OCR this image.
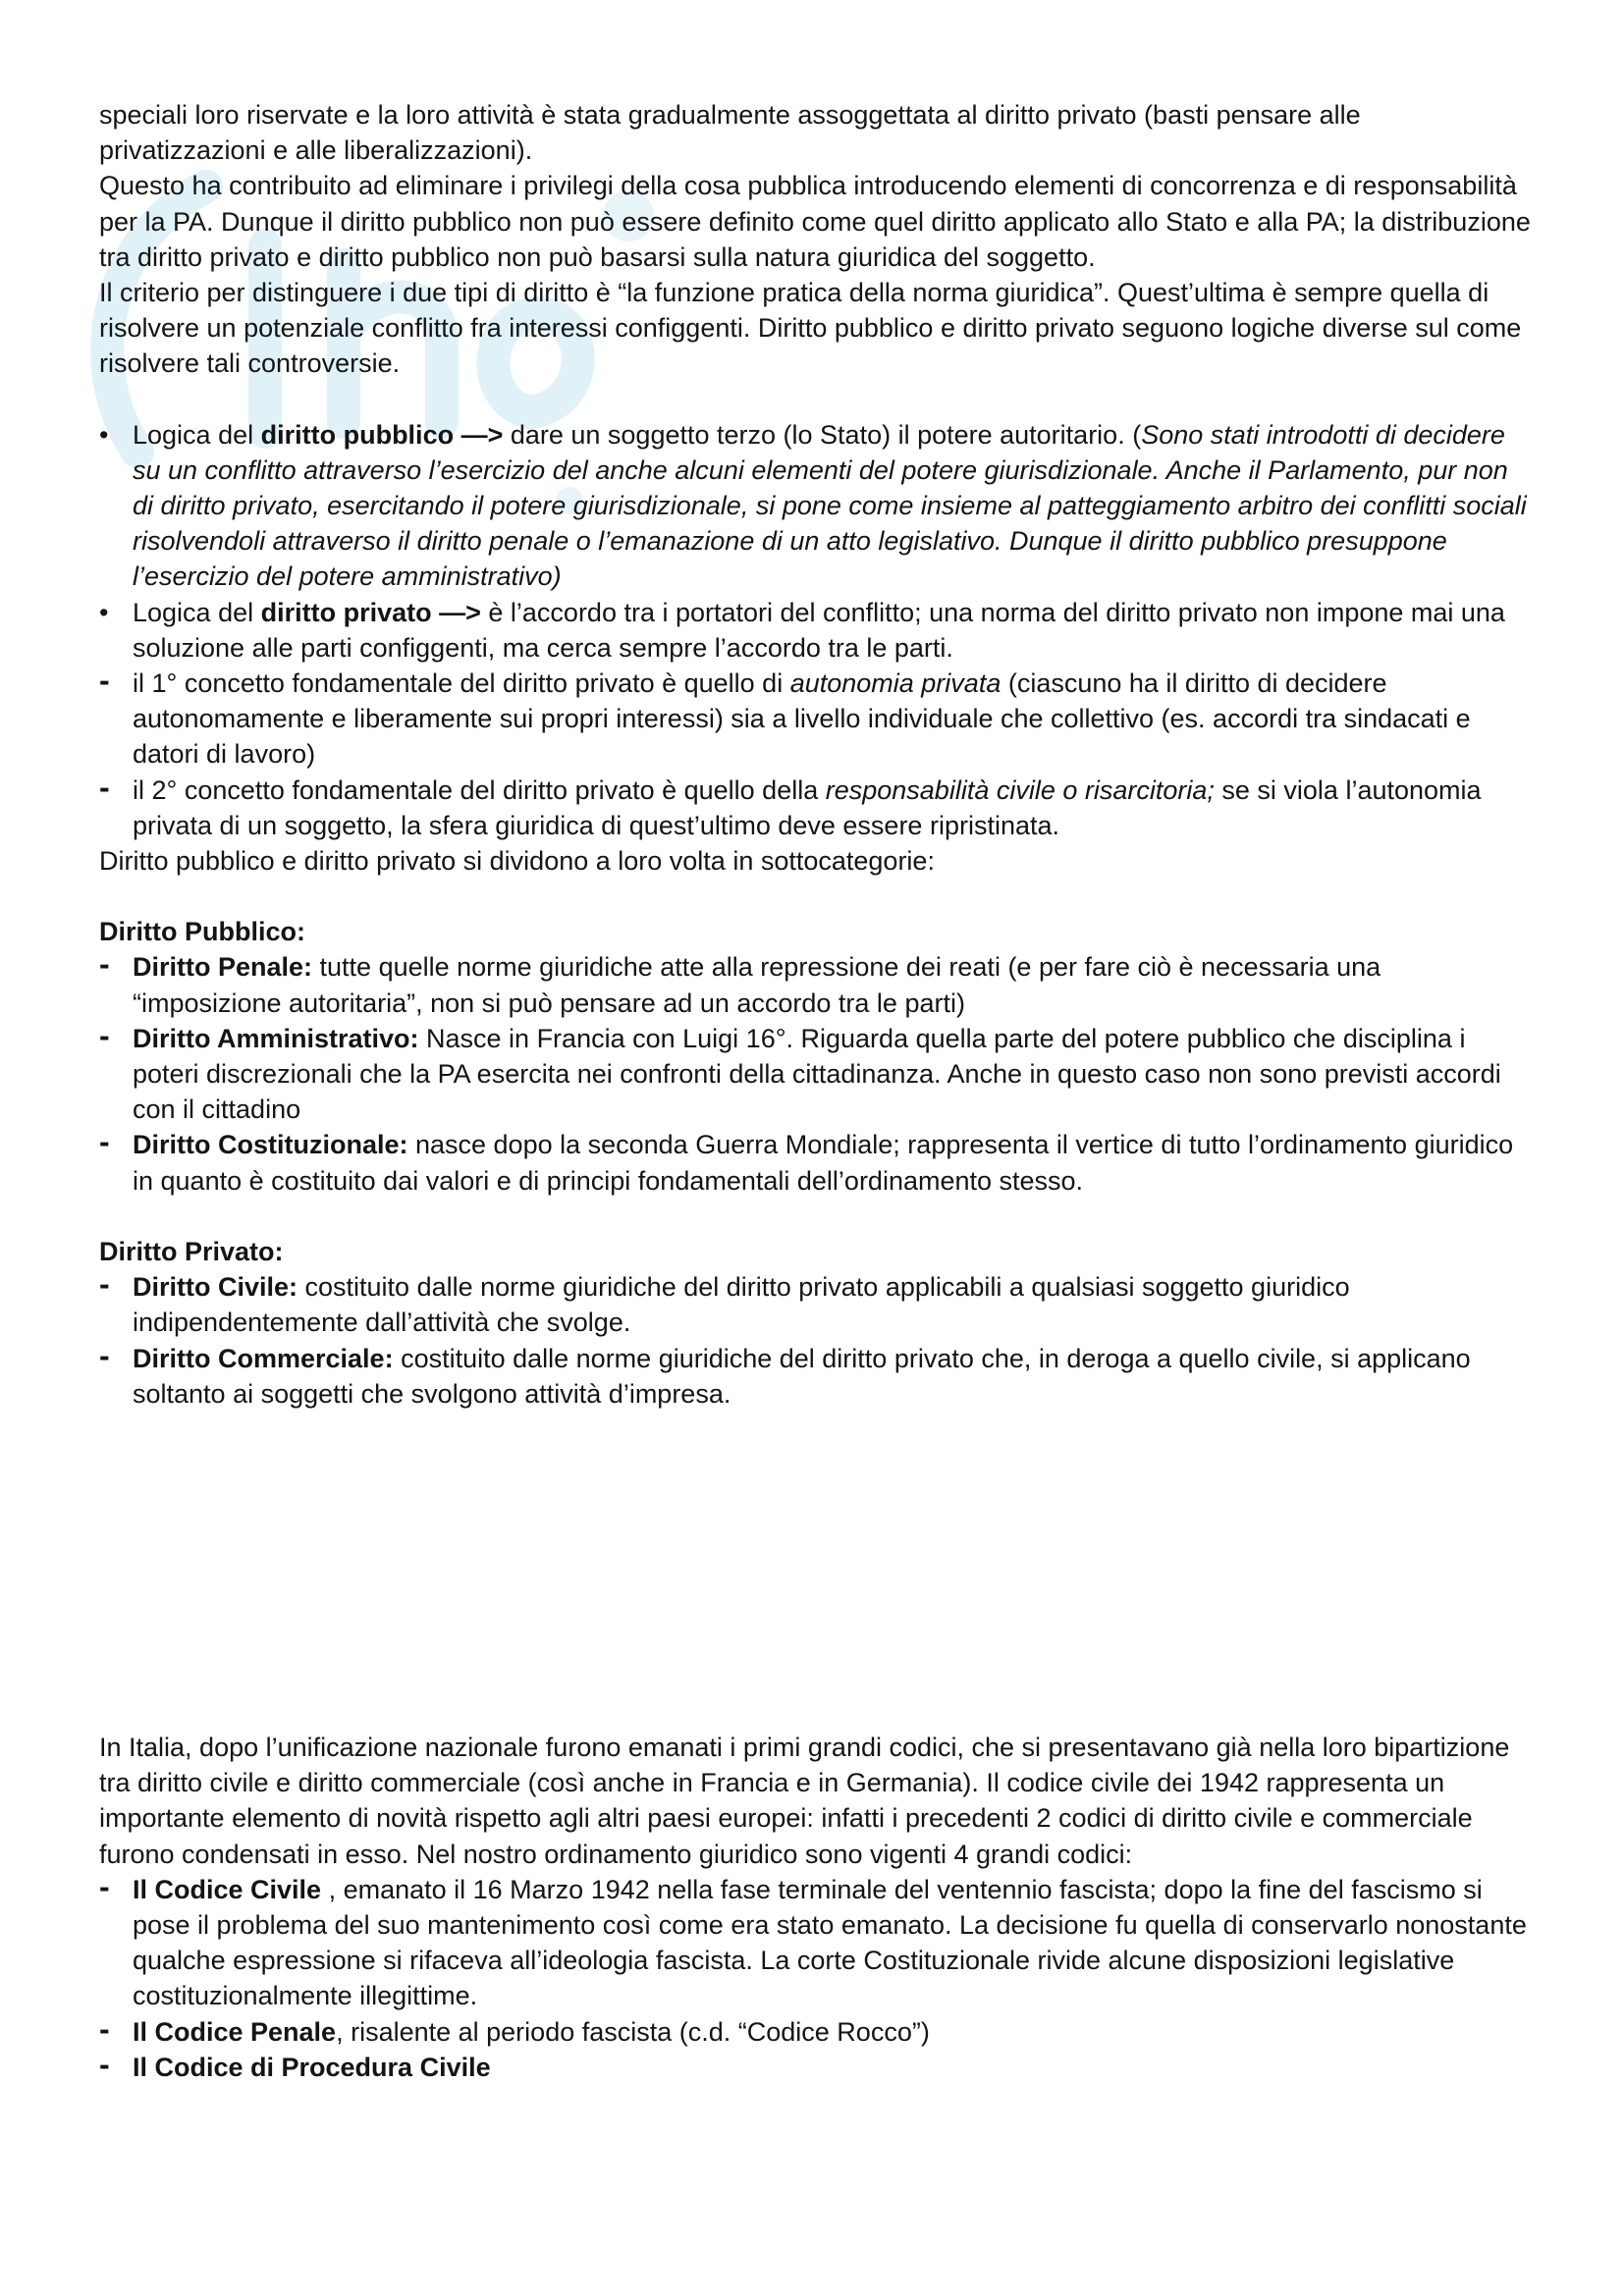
speciali loro riservate e la loro attività è stata gradualmente assoggettata al diritto privato (basti pensare alle privatizzazioni e alle liberalizzazioni).

Questo ha contribuito ad eliminare i privilegi della cosa pubblica introducendo elementi di concorrenza e di responsabilità per la PA. Dunque il diritto pubblico non può essere definito come quel diritto applicato allo Stato e alla PA; la distribuzione tra diritto privato e diritto pubblico non può basarsi sulla natura giuridica del soggetto.

Il criterio per distinguere i due tipi di diritto è “la funzione pratica della norma giuridica”. Quest’ultima è sempre quella di risolvere un potenziale conflitto fra interessi configgenti. Diritto pubblico e diritto privato seguono logiche diverse sul come risolvere tali controversie.

• Logica del diritto pubblico —> dare un soggetto terzo (lo Stato) il potere autoritario. (Sono stati introdotti di decidere su un conflitto attraverso l’esercizio del anche alcuni elementi del potere giurisdizionale. Anche il Parlamento, pur non di diritto privato, esercitando il potere giurisdizionale, si pone come insieme al patteggiamento arbitro dei conflitti sociali risolvendoli attraverso il diritto penale o l’emanazione di un atto legislativo. Dunque il diritto pubblico presuppone l’esercizio del potere amministrativo)
• Logica del diritto privato —> è l’accordo tra i portatori del conflitto; una norma del diritto privato non impone mai una soluzione alle parti configgenti, ma cerca sempre l’accordo tra le parti.
- il 1° concetto fondamentale del diritto privato è quello di autonomia privata (ciascuno ha il diritto di decidere autonomamente e liberamente sui propri interessi) sia a livello individuale che collettivo (es. accordi tra sindacati e datori di lavoro)
- il 2° concetto fondamentale del diritto privato è quello della responsabilità civile o risarcitoria; se si viola l’autonomia privata di un soggetto, la sfera giuridica di quest’ultimo deve essere ripristinata.

Diritto pubblico e diritto privato si dividono a loro volta in sottocategorie:

Diritto Pubblico:

- Diritto Penale: tutte quelle norme giuridiche atte alla repressione dei reati (e per fare ciò è necessaria una “imposizione autoritaria”, non si può pensare ad un accordo tra le parti)
- Diritto Amministrativo: Nasce in Francia con Luigi 16°. Riguarda quella parte del potere pubblico che disciplina i poteri discrezionali che la PA esercita nei confronti della cittadinanza. Anche in questo caso non sono previsti accordi con il cittadino
- Diritto Costituzionale: nasce dopo la seconda Guerra Mondiale; rappresenta il vertice di tutto l’ordinamento giuridico in quanto è costituito dai valori e di principi fondamentali dell’ordinamento stesso.

Diritto Privato:

- Diritto Civile: costituito dalle norme giuridiche del diritto privato applicabili a qualsiasi soggetto giuridico indipendentemente dall’attività che svolge.
- Diritto Commerciale: costituito dalle norme giuridiche del diritto privato che, in deroga a quello civile, si applicano soltanto ai soggetti che svolgono attività d’impresa.

In Italia, dopo l’unificazione nazionale furono emanati i primi grandi codici, che si presentavano già nella loro bipartizione tra diritto civile e diritto commerciale (così anche in Francia e in Germania). Il codice civile dei 1942 rappresenta un importante elemento di novità rispetto agli altri paesi europei: infatti i precedenti 2 codici di diritto civile e commerciale furono condensati in esso. Nel nostro ordinamento giuridico sono vigenti 4 grandi codici:

- Il Codice Civile , emanato il 16 Marzo 1942 nella fase terminale del ventennio fascista; dopo la fine del fascismo si pose il problema del suo mantenimento così come era stato emanato. La decisione fu quella di conservarlo nonostante qualche espressione si rifaceva all’ideologia fascista. La corte Costituzionale rivide alcune disposizioni legislative costituzionalmente illegittime.
- Il Codice Penale, risalente al periodo fascista (c.d. “Codice Rocco”)
- Il Codice di Procedura Civile
